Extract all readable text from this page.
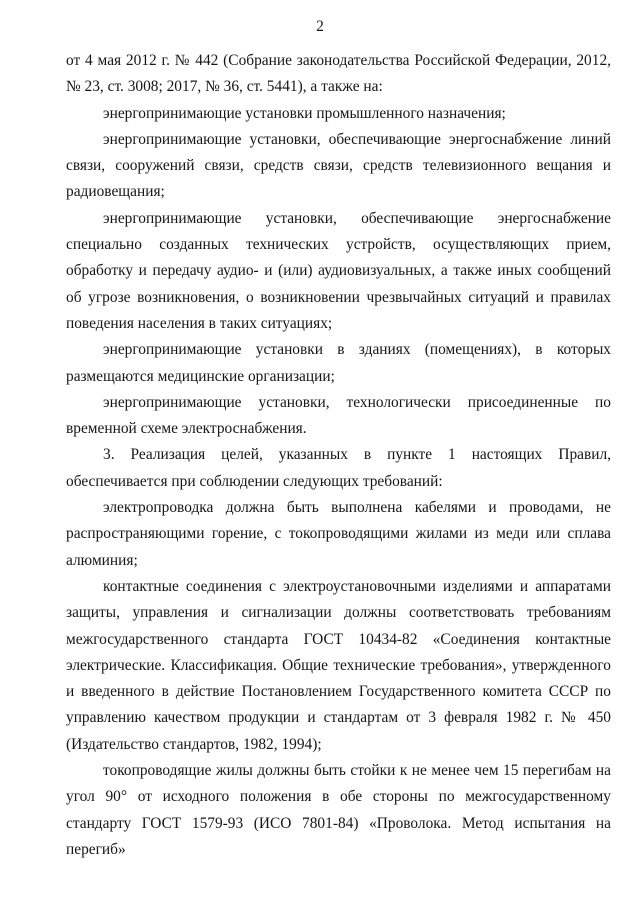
2

от 4 мая 2012 г. № 442 (Собрание законодательства Российской Федерации, 2012, № 23, ст. 3008; 2017, № 36, ст. 5441), а также на:

энергопринимающие установки промышленного назначения;

энергопринимающие установки, обеспечивающие энергоснабжение линий связи, сооружений связи, средств связи, средств телевизионного вещания и радиовещания;

энергопринимающие установки, обеспечивающие энергоснабжение специально созданных технических устройств, осуществляющих прием, обработку и передачу аудио- и (или) аудиовизуальных, а также иных сообщений об угрозе возникновения, о возникновении чрезвычайных ситуаций и правилах поведения населения в таких ситуациях;

энергопринимающие установки в зданиях (помещениях), в которых размещаются медицинские организации;

энергопринимающие установки, технологически присоединенные по временной схеме электроснабжения.

3. Реализация целей, указанных в пункте 1 настоящих Правил, обеспечивается при соблюдении следующих требований:

электропроводка должна быть выполнена кабелями и проводами, не распространяющими горение, с токопроводящими жилами из меди или сплава алюминия;

контактные соединения с электроустановочными изделиями и аппаратами защиты, управления и сигнализации должны соответствовать требованиям межгосударственного стандарта ГОСТ 10434-82 «Соединения контактные электрические. Классификация. Общие технические требования», утвержденного и введенного в действие Постановлением Государственного комитета СССР по управлению качеством продукции и стандартам от 3 февраля 1982 г. № 450 (Издательство стандартов, 1982, 1994);

токопроводящие жилы должны быть стойки к не менее чем 15 перегибам на угол 90° от исходного положения в обе стороны по межгосударственному стандарту ГОСТ 1579-93 (ИСО 7801-84) «Проволока. Метод испытания на перегиб»
